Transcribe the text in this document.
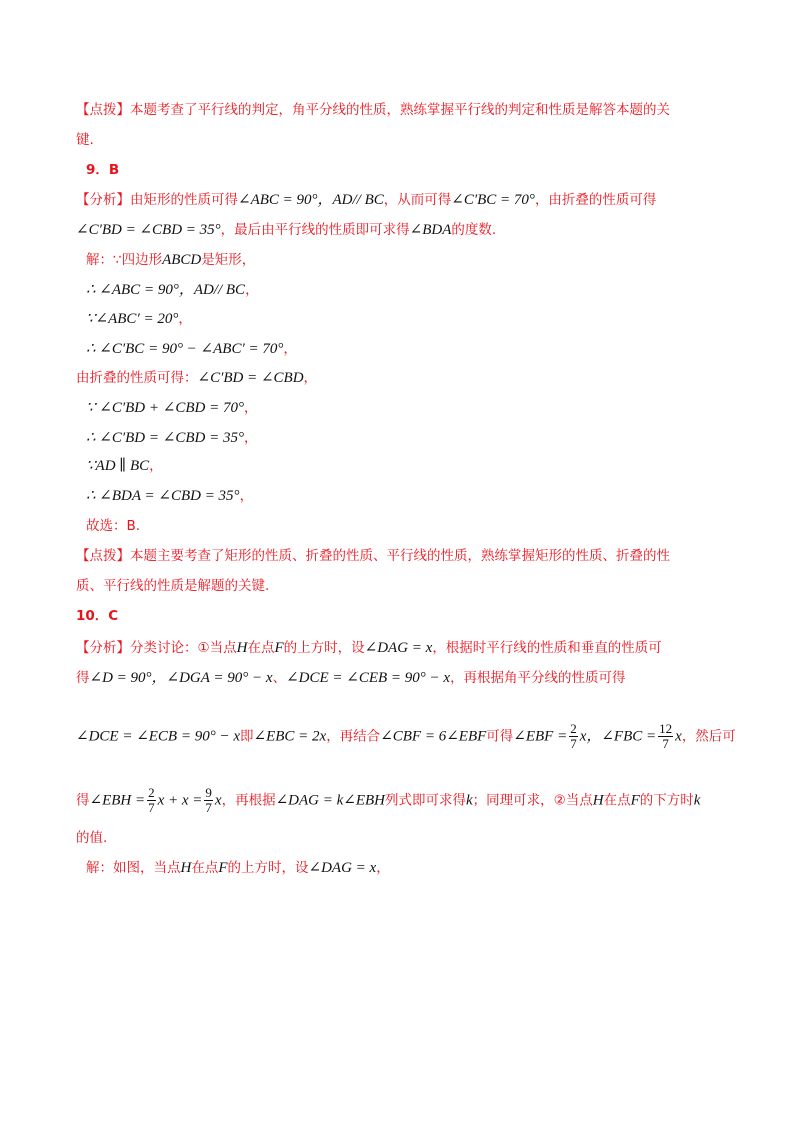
【点拨】本题考查了平行线的判定，角平分线的性质，熟练掌握平行线的判定和性质是解答本题的关
键.
9．B
【分析】由矩形的性质可得∠ABC = 90°，AD// BC，从而可得∠C′BC = 70°，由折叠的性质可得
∠C′BD = ∠CBD = 35°，最后由平行线的性质即可求得∠BDA的度数.
解：∵四边形ABCD是矩形，
∴ ∠ABC = 90°，AD// BC，
∵∠ABC′ = 20°，
∴ ∠C′BC = 90° − ∠ABC′ = 70°，
由折叠的性质可得：∠C′BD = ∠CBD，
∵ ∠C′BD + ∠CBD = 70°，
∴ ∠C′BD = ∠CBD = 35°，
∵AD ∥ BC，
∴ ∠BDA = ∠CBD = 35°，
故选：B.
【点拨】本题主要考查了矩形的性质、折叠的性质、平行线的性质，熟练掌握矩形的性质、折叠的性
质、平行线的性质是解题的关键.
10．C
【分析】分类讨论：①当点H在点F的上方时，设∠DAG = x，根据时平行线的性质和垂直的性质可
得∠D = 90°，∠DGA = 90° − x、∠DCE = ∠CEB = 90° − x，再根据角平分线的性质可得
∠DCE = ∠ECB = 90° − x即∠EBC = 2x，再结合∠CBF = 6∠EBF可得∠EBF = $\frac{2}{7}$ x，∠FBC = $\frac{12}{7}$ x，然后可
得∠EBH = $\frac{2}{7}$ $x + x = \frac{9}{7}$ x，再根据∠DAG = k∠EBH列式即可求得k；同理可求，②当点H在点F的下方时k
的值.
解：如图，当点H在点F的上方时，设∠DAG = x，
